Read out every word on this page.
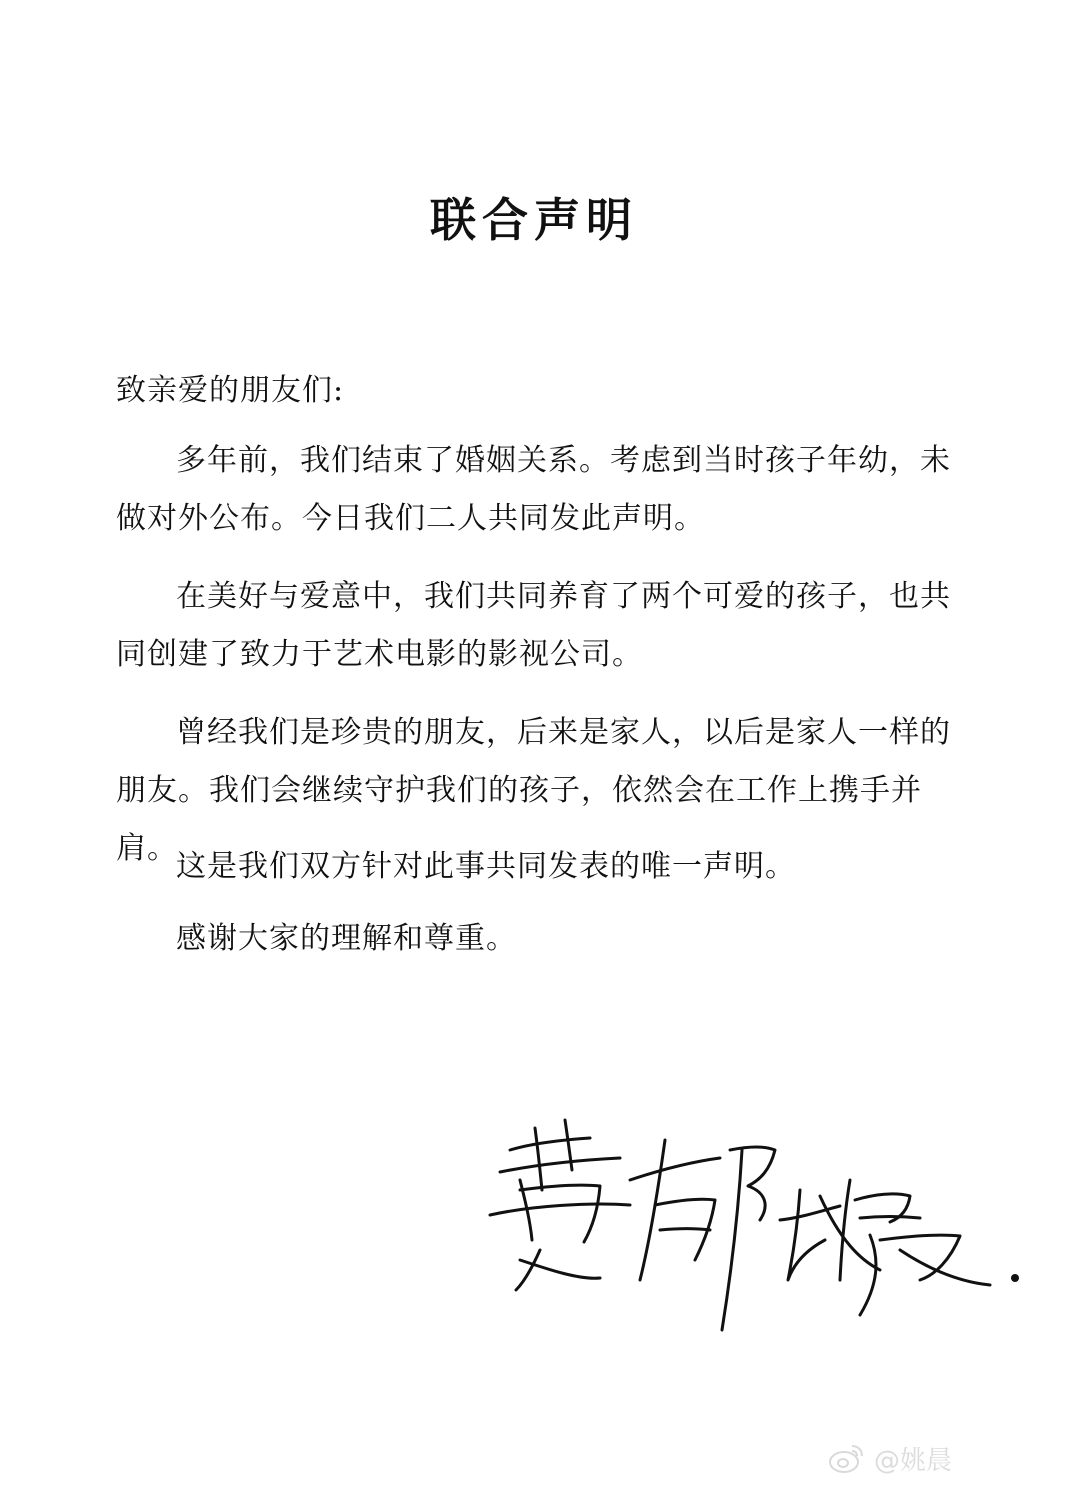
联合声明

致亲爱的朋友们:

多年前，我们结束了婚姻关系。考虑到当时孩子年幼，未做对外公布。今日我们二人共同发此声明。

在美好与爱意中，我们共同养育了两个可爱的孩子，也共同创建了致力于艺术电影的影视公司。

曾经我们是珍贵的朋友，后来是家人，以后是家人一样的朋友。我们会继续守护我们的孩子，依然会在工作上携手并肩。

这是我们双方针对此事共同发表的唯一声明。

感谢大家的理解和尊重。

@姚晨
